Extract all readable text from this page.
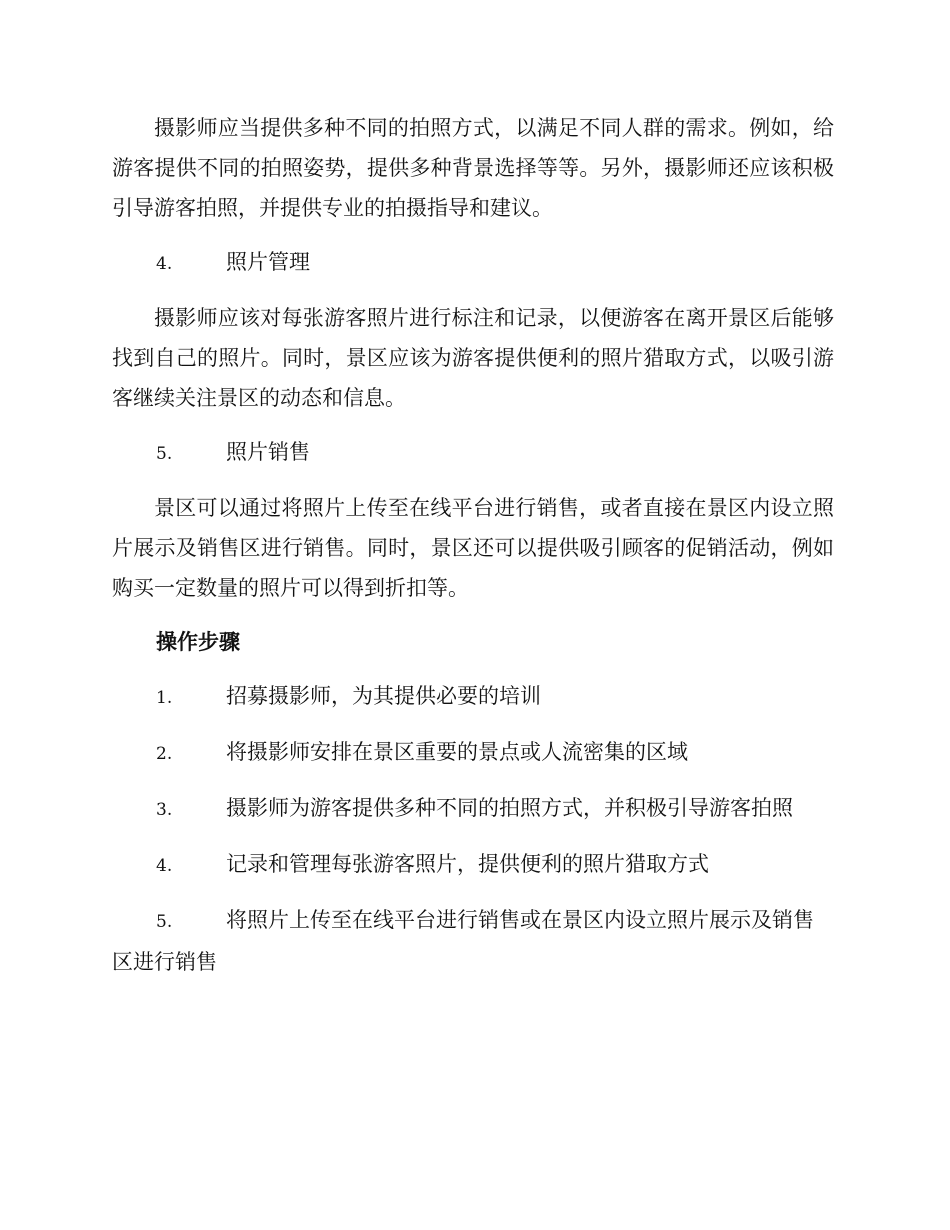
摄影师应当提供多种不同的拍照方式，以满足不同人群的需求。例如，给游客提供不同的拍照姿势，提供多种背景选择等等。另外，摄影师还应该积极引导游客拍照，并提供专业的拍摄指导和建议。

4.	照片管理

摄影师应该对每张游客照片进行标注和记录，以便游客在离开景区后能够找到自己的照片。同时，景区应该为游客提供便利的照片猎取方式，以吸引游客继续关注景区的动态和信息。

5.	照片销售

景区可以通过将照片上传至在线平台进行销售，或者直接在景区内设立照片展示及销售区进行销售。同时，景区还可以提供吸引顾客的促销活动，例如购买一定数量的照片可以得到折扣等。

操作步骤
1.	招募摄影师，为其提供必要的培训
2.	将摄影师安排在景区重要的景点或人流密集的区域
3.	摄影师为游客提供多种不同的拍照方式，并积极引导游客拍照
4.	记录和管理每张游客照片，提供便利的照片猎取方式
5.	将照片上传至在线平台进行销售或在景区内设立照片展示及销售区进行销售
